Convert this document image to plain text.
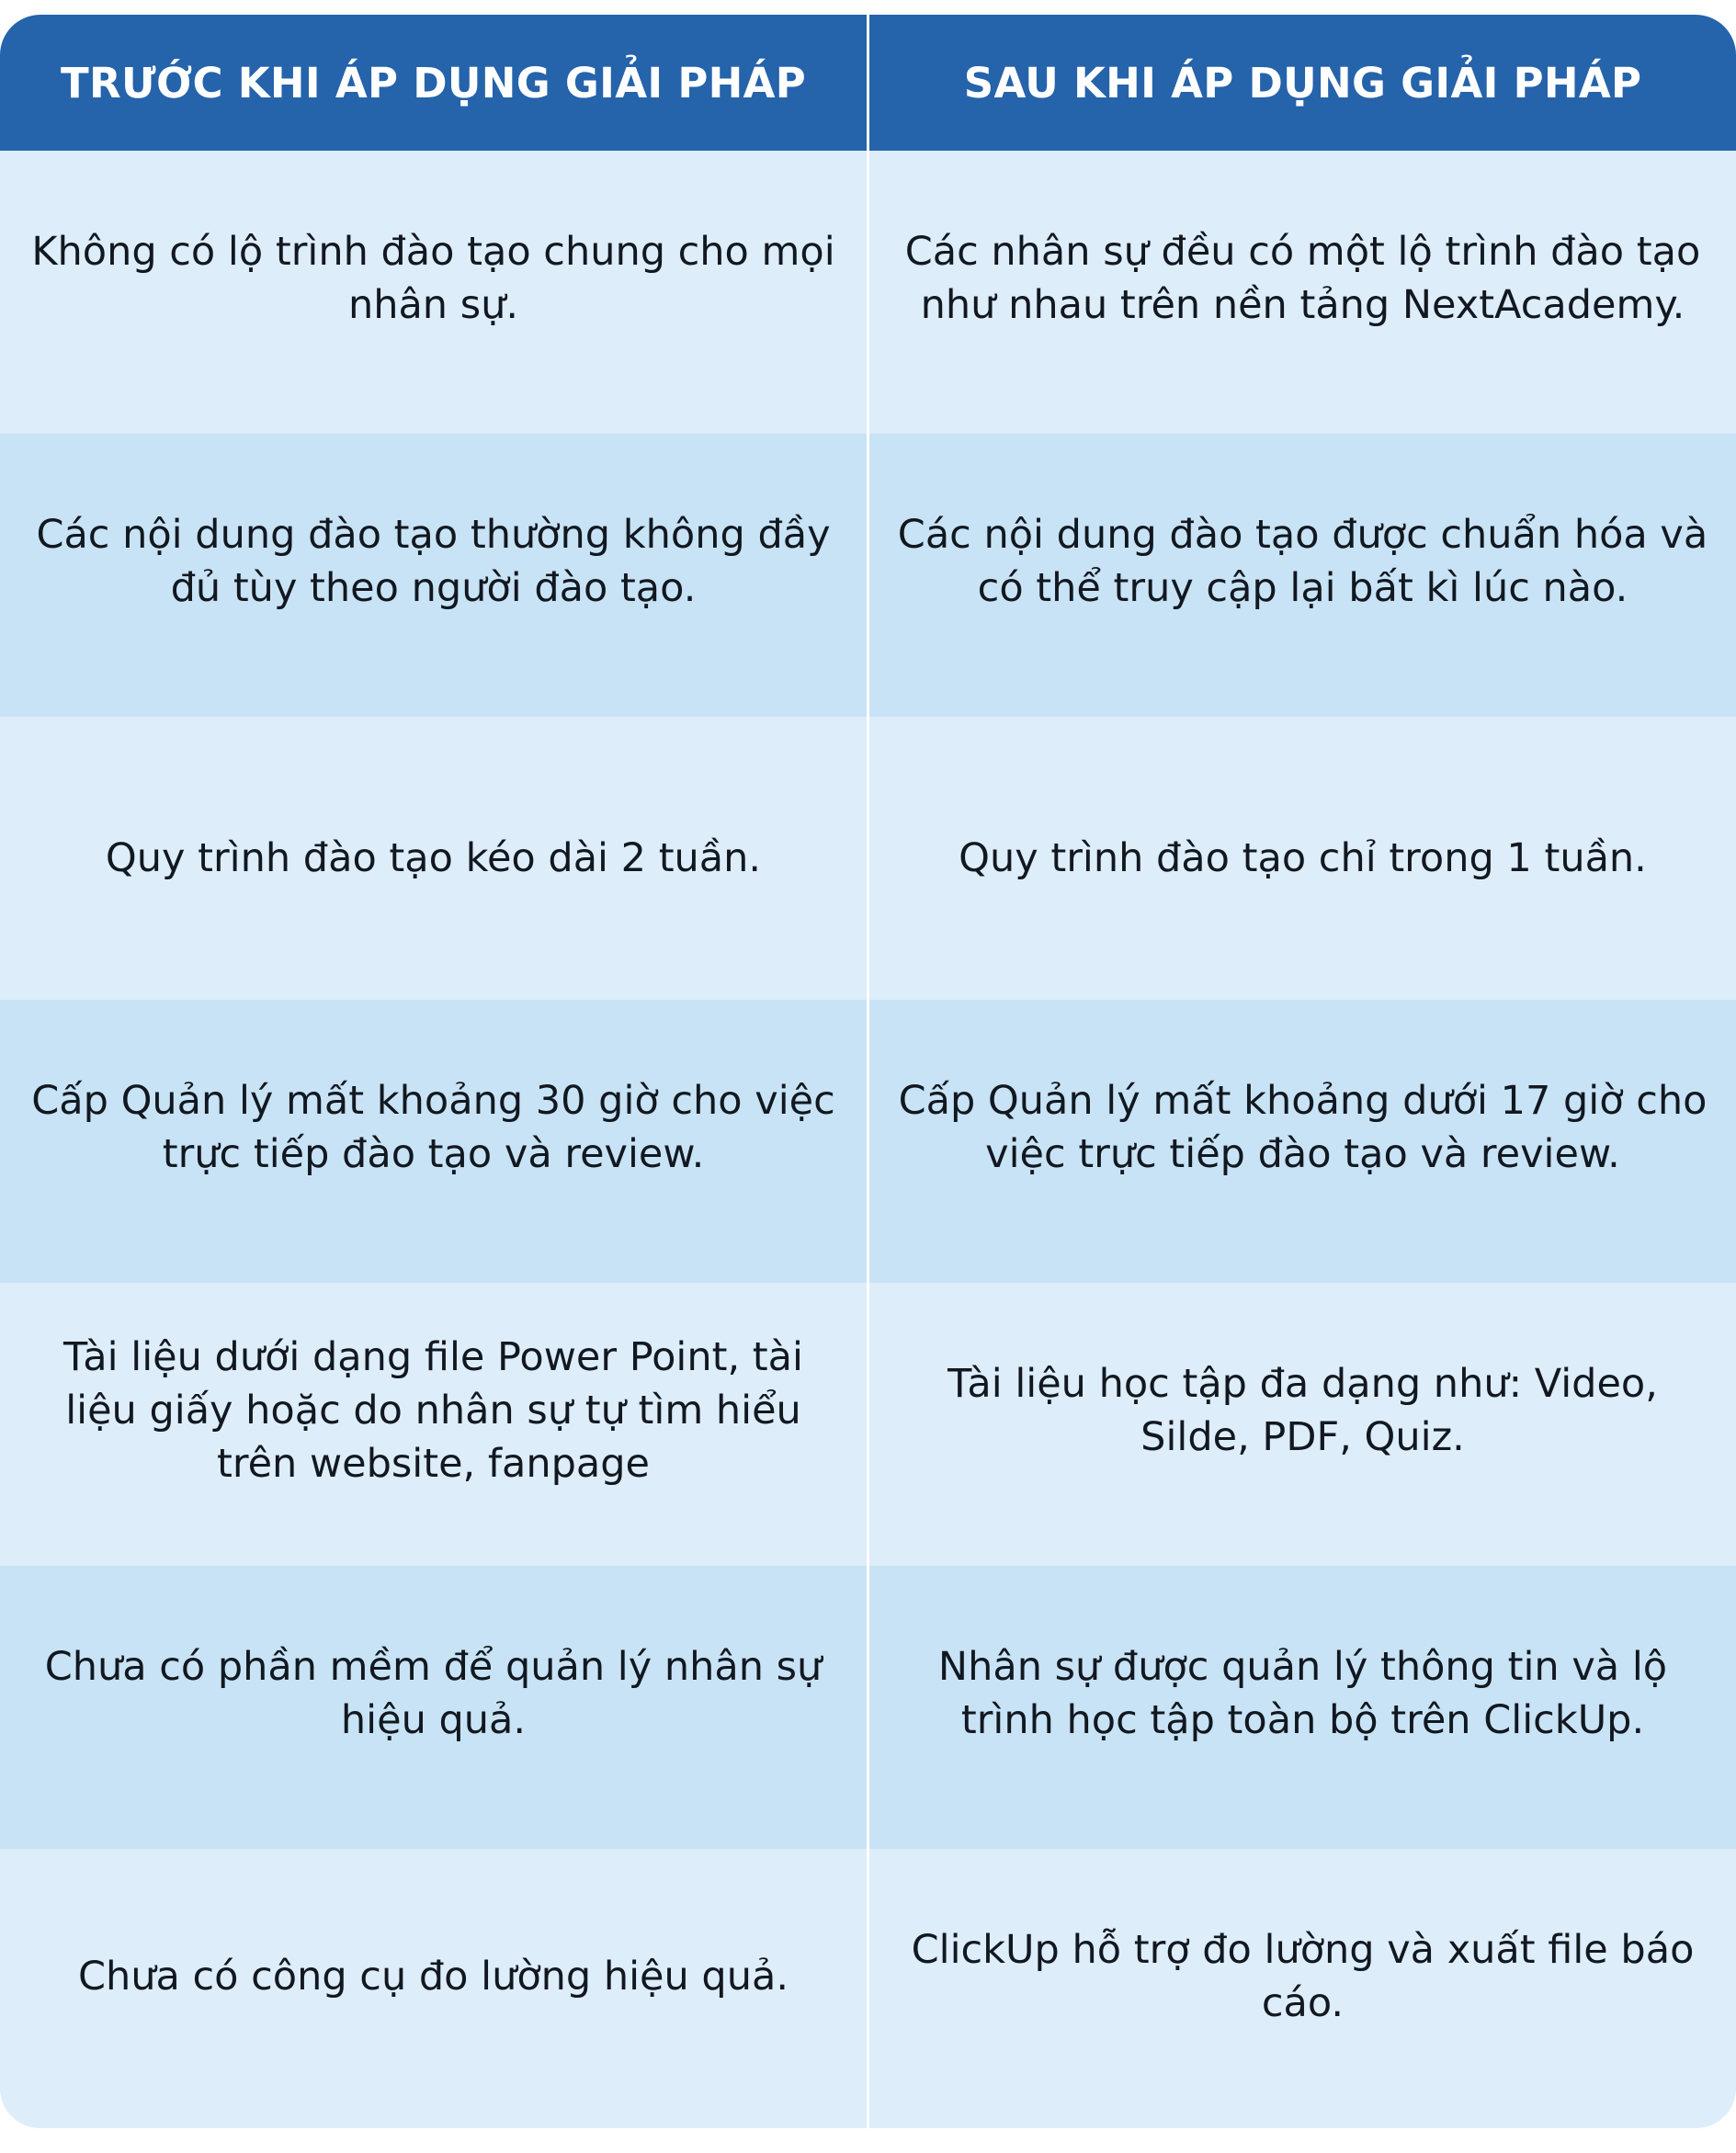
TRƯỚC KHI ÁP DỤNG GIẢI PHÁP	SAU KHI ÁP DỤNG GIẢI PHÁP
Không có lộ trình đào tạo chung cho mọi nhân sự.
Các nhân sự đều có một lộ trình đào tạo như nhau trên nền tảng NextAcademy.
Các nội dung đào tạo thường không đầy đủ tùy theo người đào tạo.
Các nội dung đào tạo được chuẩn hóa và có thể truy cập lại bất kì lúc nào.
Quy trình đào tạo kéo dài 2 tuần.	Quy trình đào tạo chỉ trong 1 tuần.
Cấp Quản lý mất khoảng 30 giờ cho việc trực tiếp đào tạo và review.
Cấp Quản lý mất khoảng dưới 17 giờ cho việc trực tiếp đào tạo và review.
Tài liệu dưới dạng file Power Point, tài liệu giấy hoặc do nhân sự tự tìm hiểu trên website, fanpage
Tài liệu học tập đa dạng như: Video, Silde, PDF, Quiz.
Chưa có phần mềm để quản lý nhân sự hiệu quả.
Nhân sự được quản lý thông tin và lộ trình học tập toàn bộ trên ClickUp.
Chưa có công cụ đo lường hiệu quả.
ClickUp hỗ trợ đo lường và xuất file báo cáo.
